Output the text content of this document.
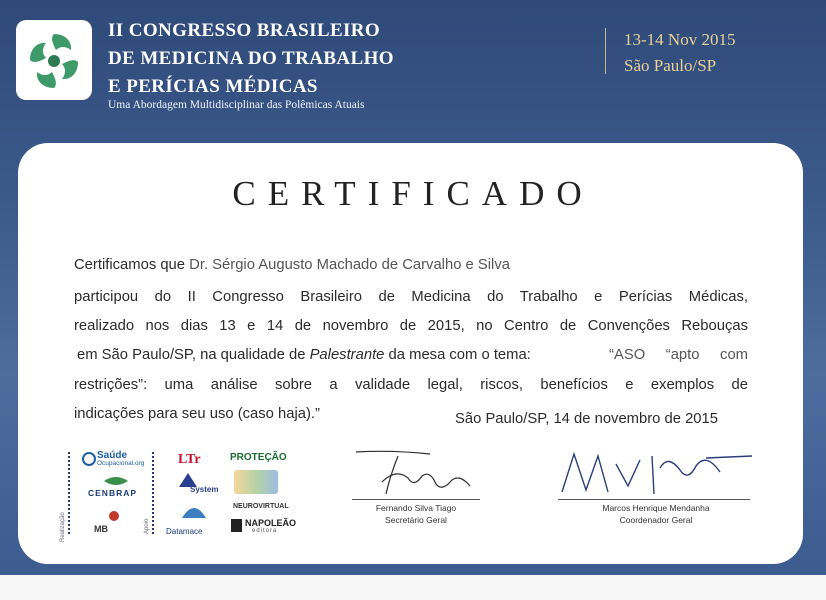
II CONGRESSO BRASILEIRO
DE MEDICINA DO TRABALHO
E PERÍCIAS MÉDICAS
Uma Abordagem Multidisciplinar das Polêmicas Atuais
13-14 Nov 2015
São Paulo/SP
CERTIFICADO
Certificamos que Dr. Sérgio Augusto Machado de Carvalho e Silva
participou do II Congresso Brasileiro de Medicina do Trabalho e Perícias Médicas,
realizado nos dias 13 e 14 de novembro de 2015, no Centro de Convenções Rebouças
em São Paulo/SP, na qualidade de Palestrante da mesa com o tema:	“ASO     “apto     com
restrições”: uma análise sobre a validade legal, riscos, benefícios e exemplos de
indicações para seu uso (caso haja).”	São Paulo/SP, 14 de novembro de 2015
Realização	Apoio
Saúde
Ocupacional.org
CENBRAP
MB
LTr
System
Datamace
PROTEÇÃO
NEUROVIRTUAL
NAPOLEÃO
editora
Fernando Silva Tiago
Secretário Geral
Marcos Henrique Mendanha
Coordenador Geral
